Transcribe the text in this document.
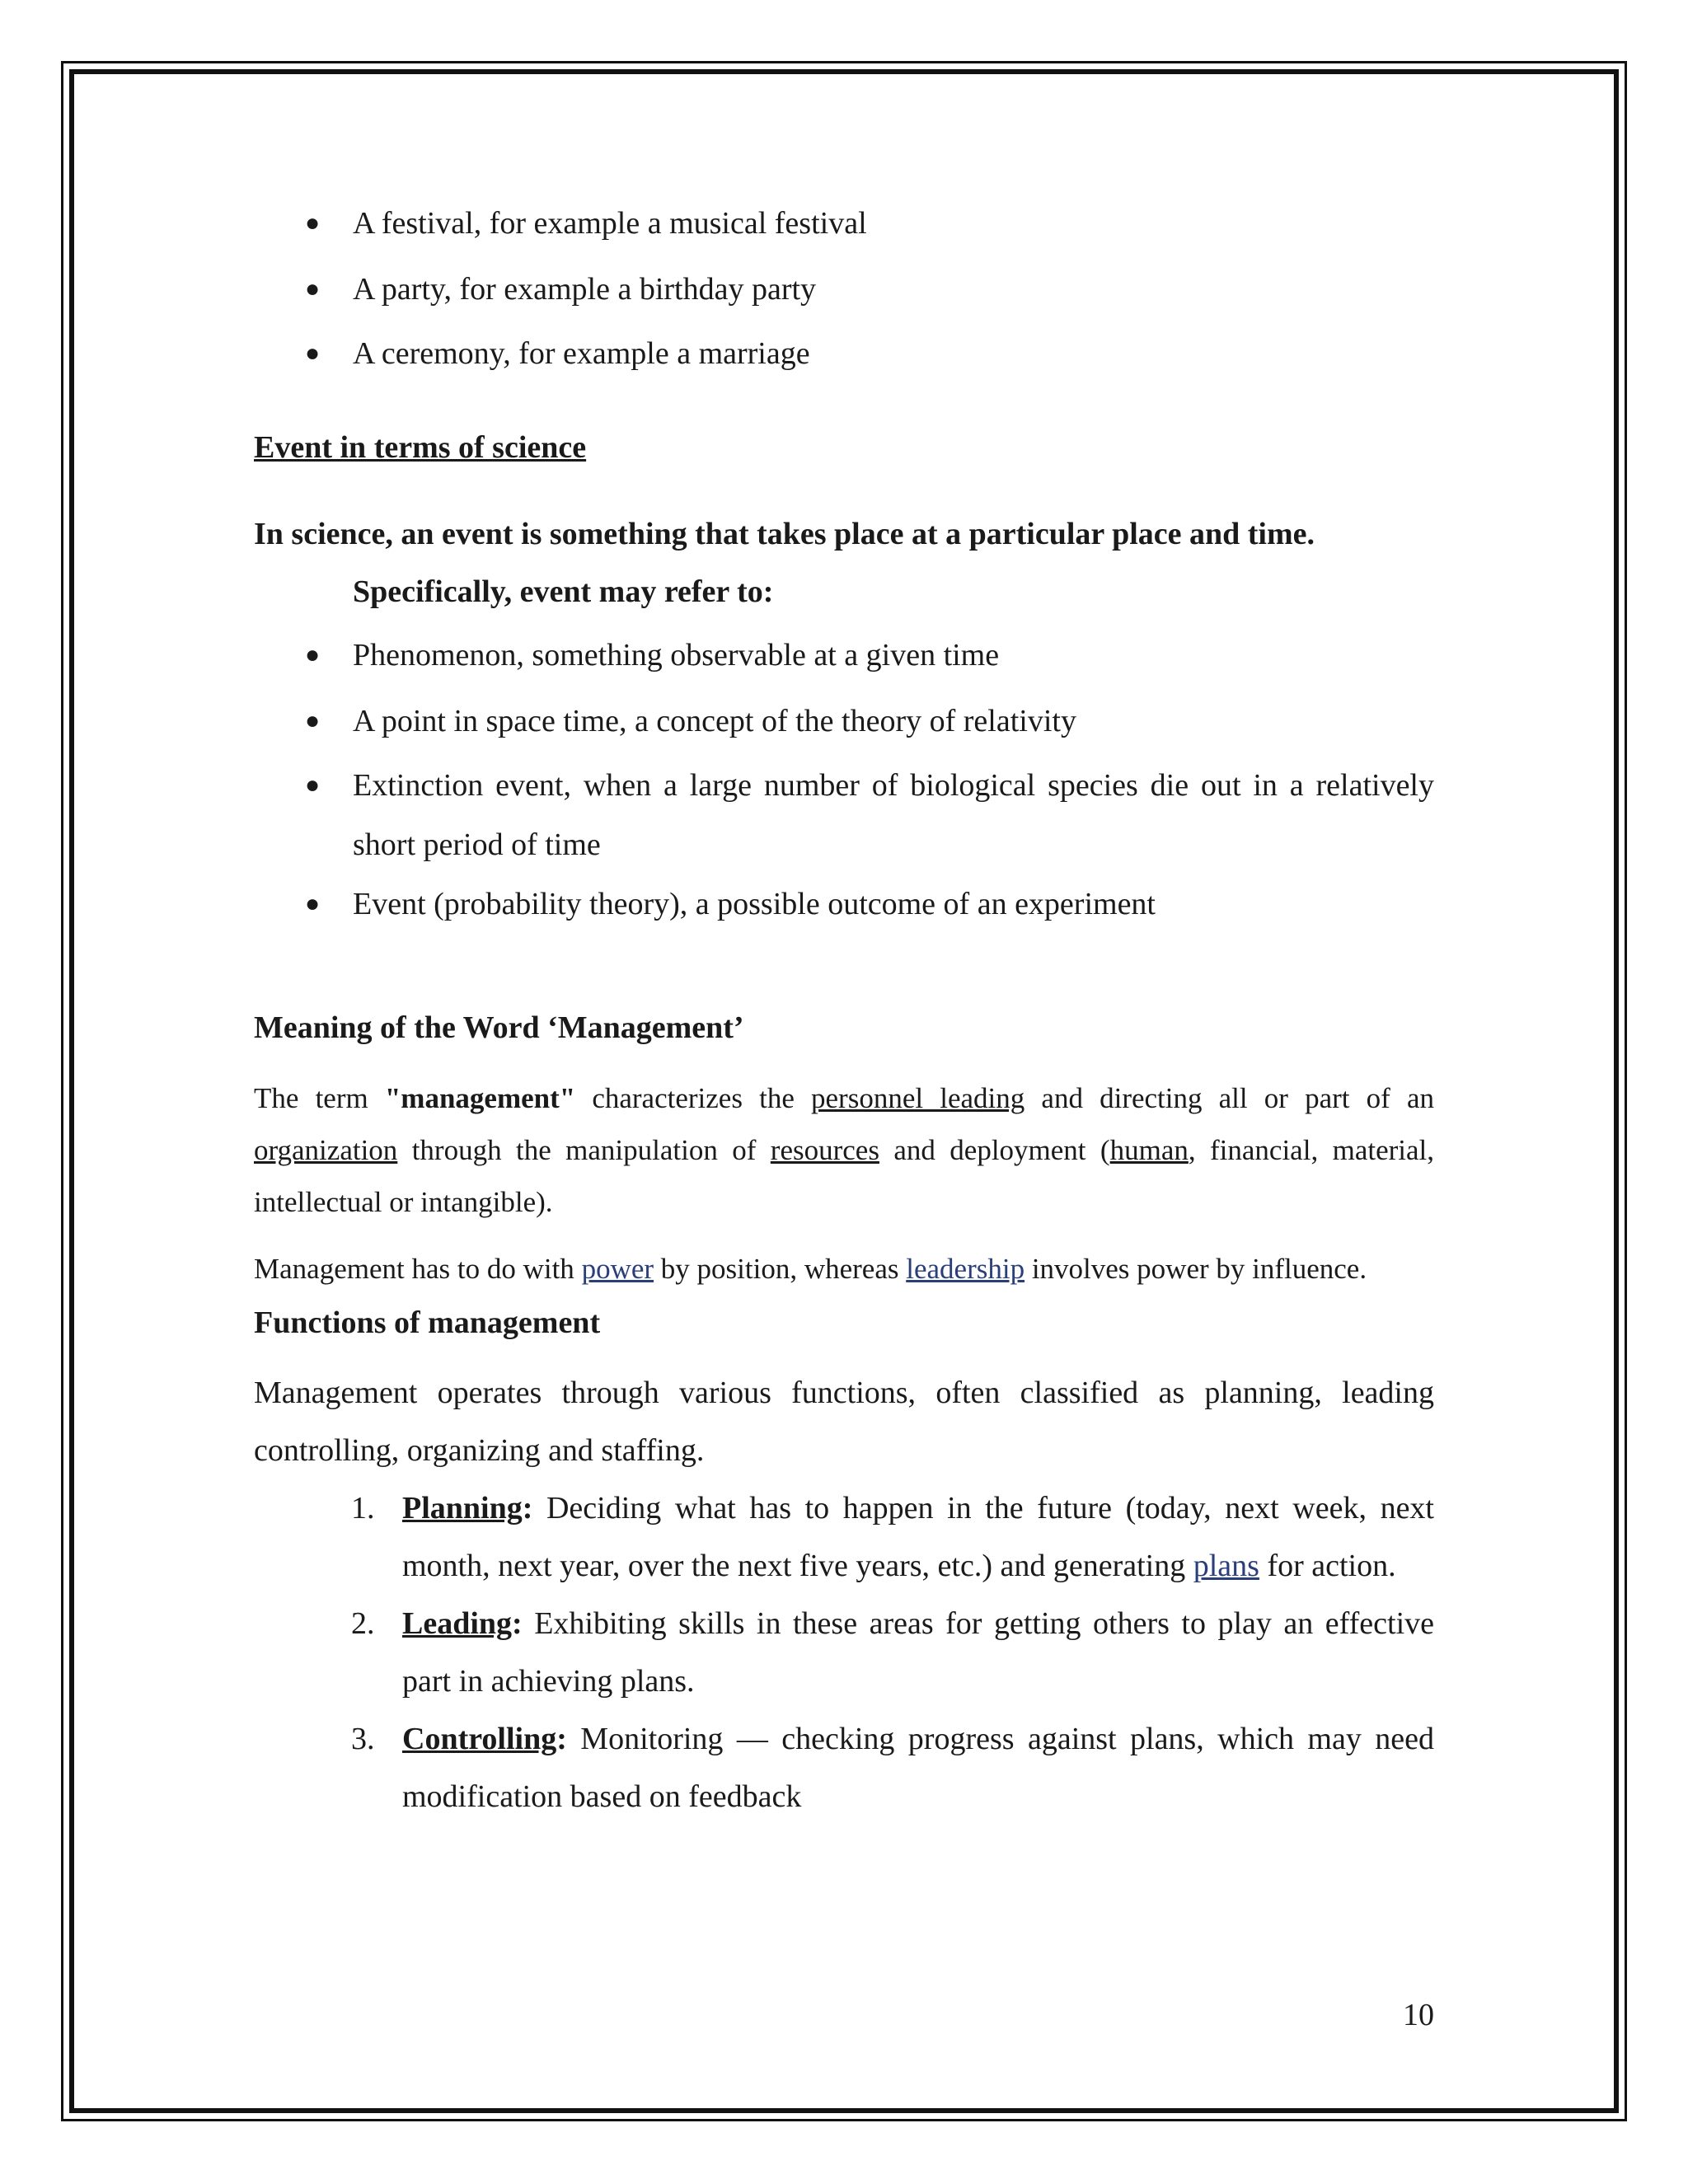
● A festival, for example a musical festival
● A party, for example a birthday party
● A ceremony, for example a marriage
Event in terms of science
In science, an event is something that takes place at a particular place and time.
Specifically, event may refer to:
● Phenomenon, something observable at a given time
● A point in space time, a concept of the theory of relativity
● Extinction event, when a large number of biological species die out in a relatively short period of time
● Event (probability theory), a possible outcome of an experiment
Meaning of the Word ‘Management’
The term "management" characterizes the personnel leading and directing all or part of an organization through the manipulation of resources and deployment (human, financial, material, intellectual or intangible).
Management has to do with power by position, whereas leadership involves power by influence.
Functions of management
Management operates through various functions, often classified as planning, leading controlling, organizing and staffing.
1. Planning: Deciding what has to happen in the future (today, next week, next month, next year, over the next five years, etc.) and generating plans for action.
2. Leading: Exhibiting skills in these areas for getting others to play an effective part in achieving plans.
3. Controlling: Monitoring — checking progress against plans, which may need modification based on feedback
10
